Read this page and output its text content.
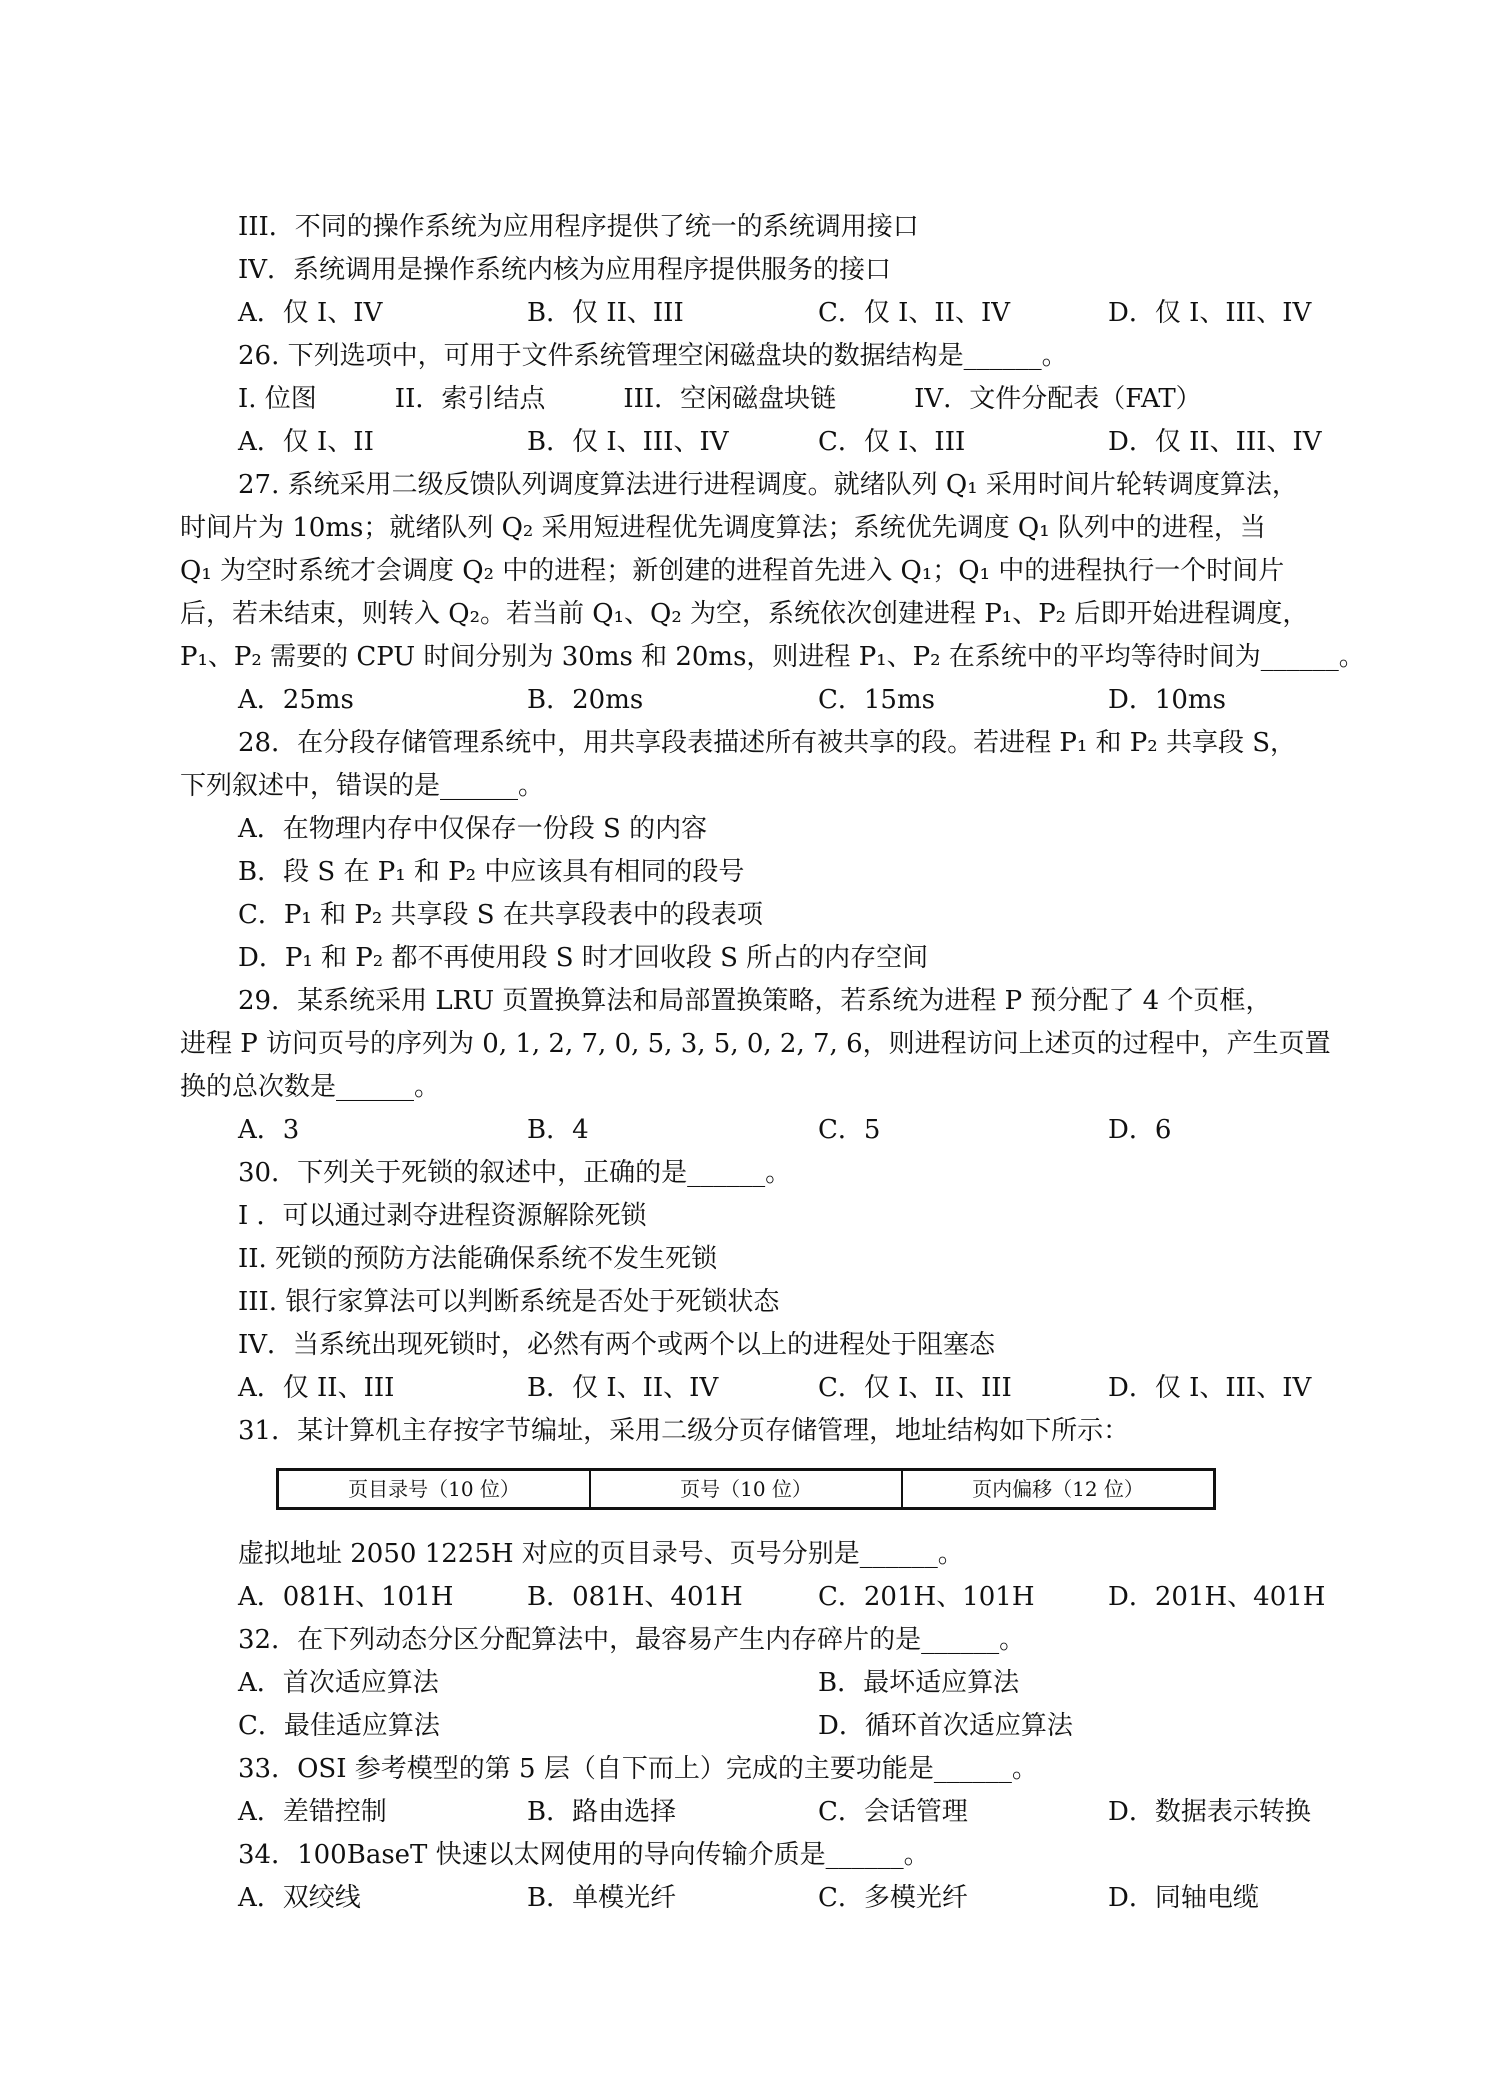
III．不同的操作系统为应用程序提供了统一的系统调用接口
IV．系统调用是操作系统内核为应用程序提供服务的接口
A．仅 I、IV	B．仅 II、III	C．仅 I、II、IV	D．仅 I、III、IV
26. 下列选项中，可用于文件系统管理空闲磁盘块的数据结构是______。
I. 位图　　　II．索引结点　　　III．空闲磁盘块链　　　IV．文件分配表（FAT）
A．仅 I、II	B．仅 I、III、IV	C．仅 I、III	D．仅 II、III、IV
27. 系统采用二级反馈队列调度算法进行进程调度。就绪队列 Q₁ 采用时间片轮转调度算法，
时间片为 10ms；就绪队列 Q₂ 采用短进程优先调度算法；系统优先调度 Q₁ 队列中的进程，当
Q₁ 为空时系统才会调度 Q₂ 中的进程；新创建的进程首先进入 Q₁；Q₁ 中的进程执行一个时间片
后，若未结束，则转入 Q₂。若当前 Q₁、Q₂ 为空，系统依次创建进程 P₁、P₂ 后即开始进程调度，
P₁、P₂ 需要的 CPU 时间分别为 30ms 和 20ms，则进程 P₁、P₂ 在系统中的平均等待时间为______。
A．25ms	B．20ms	C．15ms	D．10ms
28．在分段存储管理系统中，用共享段表描述所有被共享的段。若进程 P₁ 和 P₂ 共享段 S，
下列叙述中，错误的是______。
A．在物理内存中仅保存一份段 S 的内容
B．段 S 在 P₁ 和 P₂ 中应该具有相同的段号
C．P₁ 和 P₂ 共享段 S 在共享段表中的段表项
D．P₁ 和 P₂ 都不再使用段 S 时才回收段 S 所占的内存空间
29．某系统采用 LRU 页置换算法和局部置换策略，若系统为进程 P 预分配了 4 个页框，
进程 P 访问页号的序列为 0, 1, 2, 7, 0, 5, 3, 5, 0, 2, 7, 6，则进程访问上述页的过程中，产生页置
换的总次数是______。
A．3	B．4	C．5	D．6
30．下列关于死锁的叙述中，正确的是______。
I ．可以通过剥夺进程资源解除死锁
II. 死锁的预防方法能确保系统不发生死锁
III. 银行家算法可以判断系统是否处于死锁状态
IV．当系统出现死锁时，必然有两个或两个以上的进程处于阻塞态
A．仅 II、III	B．仅 I、II、IV	C．仅 I、II、III	D．仅 I、III、IV
31．某计算机主存按字节编址，采用二级分页存储管理，地址结构如下所示：
页目录号（10 位）	页号（10 位）	页内偏移（12 位）
虚拟地址 2050 1225H 对应的页目录号、页号分别是______。
A．081H、101H	B．081H、401H	C．201H、101H	D．201H、401H
32．在下列动态分区分配算法中，最容易产生内存碎片的是______。
A．首次适应算法	B．最坏适应算法
C．最佳适应算法	D．循环首次适应算法
33．OSI 参考模型的第 5 层（自下而上）完成的主要功能是______。
A．差错控制	B．路由选择	C．会话管理	D．数据表示转换
34．100BaseT 快速以太网使用的导向传输介质是______。
A．双绞线	B．单模光纤	C．多模光纤	D．同轴电缆
